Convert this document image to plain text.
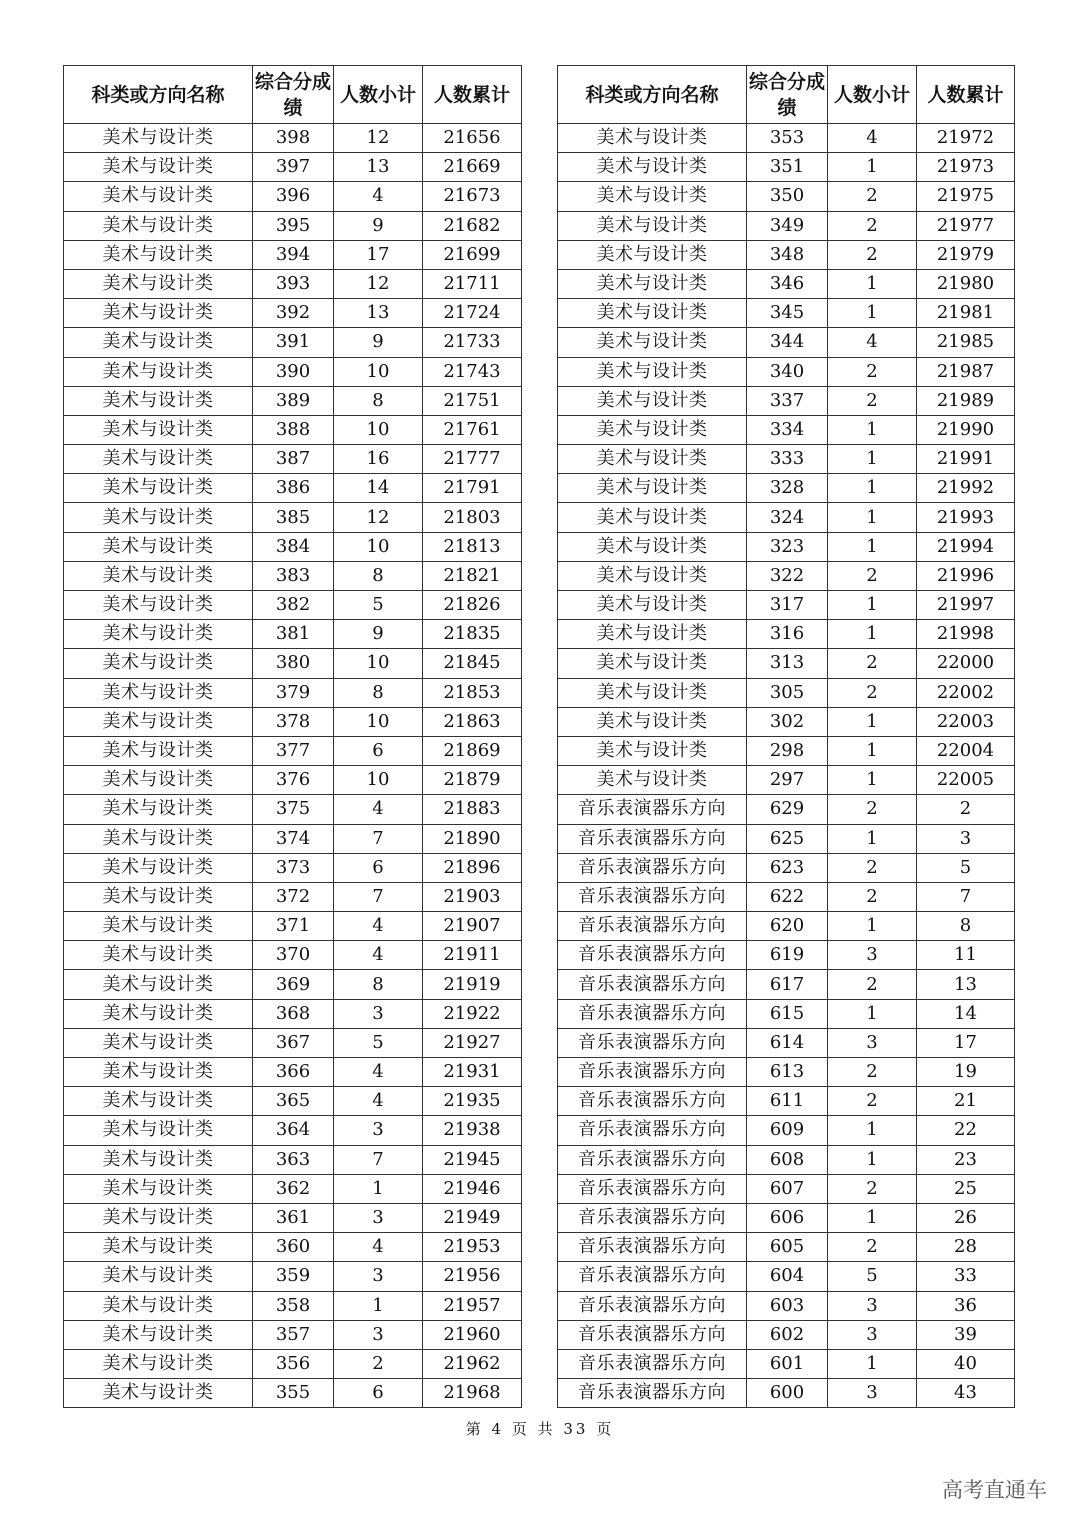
科类或方向名称	综合分成绩	人数小计	人数累计
美术与设计类	398	12	21656
美术与设计类	397	13	21669
美术与设计类	396	4	21673
美术与设计类	395	9	21682
美术与设计类	394	17	21699
美术与设计类	393	12	21711
美术与设计类	392	13	21724
美术与设计类	391	9	21733
美术与设计类	390	10	21743
美术与设计类	389	8	21751
美术与设计类	388	10	21761
美术与设计类	387	16	21777
美术与设计类	386	14	21791
美术与设计类	385	12	21803
美术与设计类	384	10	21813
美术与设计类	383	8	21821
美术与设计类	382	5	21826
美术与设计类	381	9	21835
美术与设计类	380	10	21845
美术与设计类	379	8	21853
美术与设计类	378	10	21863
美术与设计类	377	6	21869
美术与设计类	376	10	21879
美术与设计类	375	4	21883
美术与设计类	374	7	21890
美术与设计类	373	6	21896
美术与设计类	372	7	21903
美术与设计类	371	4	21907
美术与设计类	370	4	21911
美术与设计类	369	8	21919
美术与设计类	368	3	21922
美术与设计类	367	5	21927
美术与设计类	366	4	21931
美术与设计类	365	4	21935
美术与设计类	364	3	21938
美术与设计类	363	7	21945
美术与设计类	362	1	21946
美术与设计类	361	3	21949
美术与设计类	360	4	21953
美术与设计类	359	3	21956
美术与设计类	358	1	21957
美术与设计类	357	3	21960
美术与设计类	356	2	21962
美术与设计类	355	6	21968
科类或方向名称	综合分成绩	人数小计	人数累计
美术与设计类	353	4	21972
美术与设计类	351	1	21973
美术与设计类	350	2	21975
美术与设计类	349	2	21977
美术与设计类	348	2	21979
美术与设计类	346	1	21980
美术与设计类	345	1	21981
美术与设计类	344	4	21985
美术与设计类	340	2	21987
美术与设计类	337	2	21989
美术与设计类	334	1	21990
美术与设计类	333	1	21991
美术与设计类	328	1	21992
美术与设计类	324	1	21993
美术与设计类	323	1	21994
美术与设计类	322	2	21996
美术与设计类	317	1	21997
美术与设计类	316	1	21998
美术与设计类	313	2	22000
美术与设计类	305	2	22002
美术与设计类	302	1	22003
美术与设计类	298	1	22004
美术与设计类	297	1	22005
音乐表演器乐方向	629	2	2
音乐表演器乐方向	625	1	3
音乐表演器乐方向	623	2	5
音乐表演器乐方向	622	2	7
音乐表演器乐方向	620	1	8
音乐表演器乐方向	619	3	11
音乐表演器乐方向	617	2	13
音乐表演器乐方向	615	1	14
音乐表演器乐方向	614	3	17
音乐表演器乐方向	613	2	19
音乐表演器乐方向	611	2	21
音乐表演器乐方向	609	1	22
音乐表演器乐方向	608	1	23
音乐表演器乐方向	607	2	25
音乐表演器乐方向	606	1	26
音乐表演器乐方向	605	2	28
音乐表演器乐方向	604	5	33
音乐表演器乐方向	603	3	36
音乐表演器乐方向	602	3	39
音乐表演器乐方向	601	1	40
音乐表演器乐方向	600	3	43
第 4 页 共 33 页
高考直通车
